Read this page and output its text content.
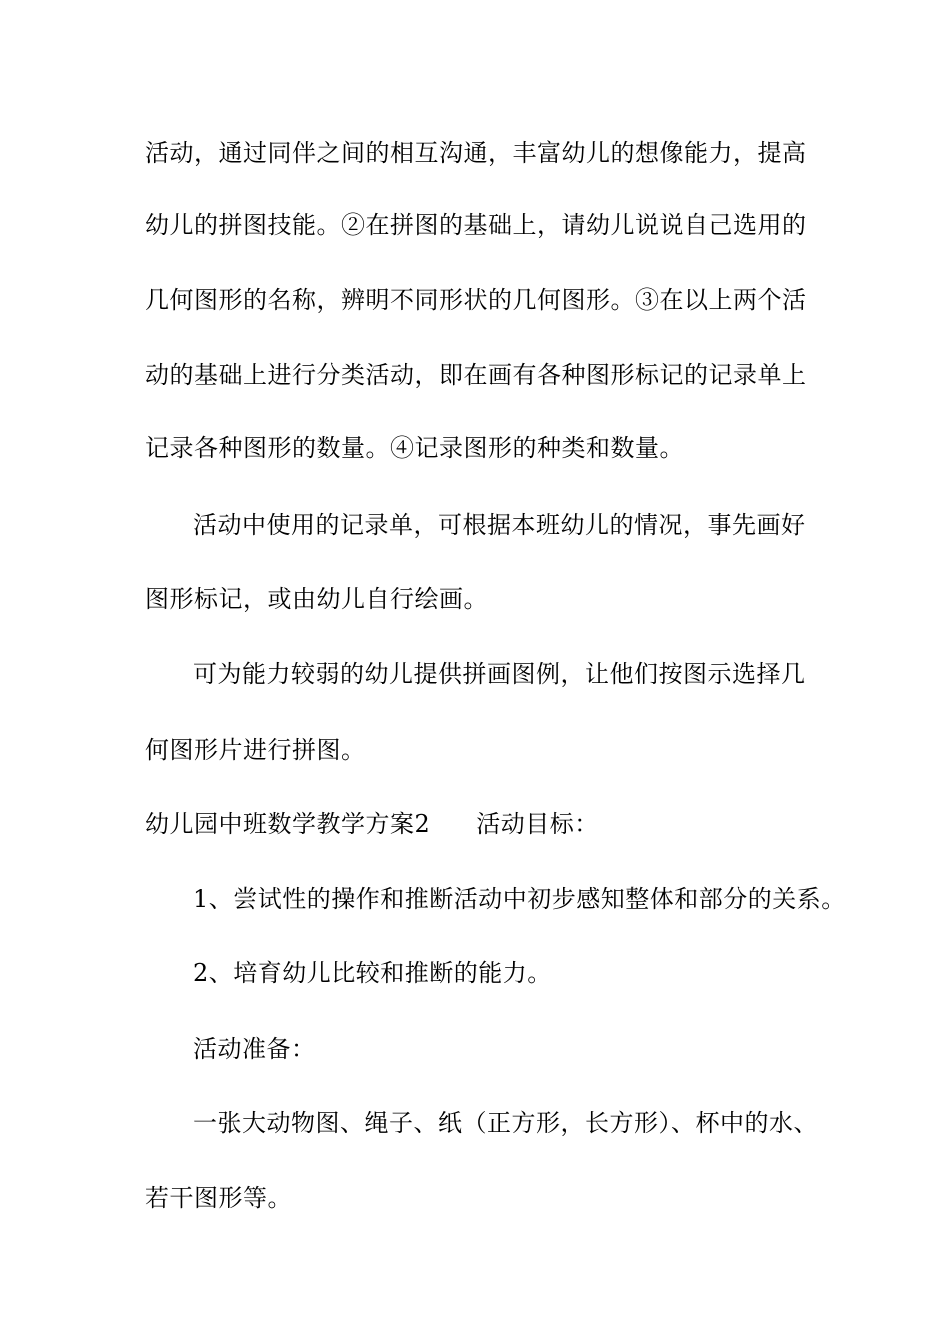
活动，通过同伴之间的相互沟通，丰富幼儿的想像能力，提高
幼儿的拼图技能。②在拼图的基础上，请幼儿说说自己选用的
几何图形的名称，辨明不同形状的几何图形。③在以上两个活
动的基础上进行分类活动，即在画有各种图形标记的记录单上
记录各种图形的数量。④记录图形的种类和数量。
活动中使用的记录单，可根据本班幼儿的情况，事先画好
图形标记，或由幼儿自行绘画。
可为能力较弱的幼儿提供拼画图例，让他们按图示选择几
何图形片进行拼图。
幼儿园中班数学教学方案2 活动目标：
1、尝试性的操作和推断活动中初步感知整体和部分的关系。
2、培育幼儿比较和推断的能力。
活动准备：
一张大动物图、绳子、纸（正方形，长方形）、杯中的水、
若干图形等。
